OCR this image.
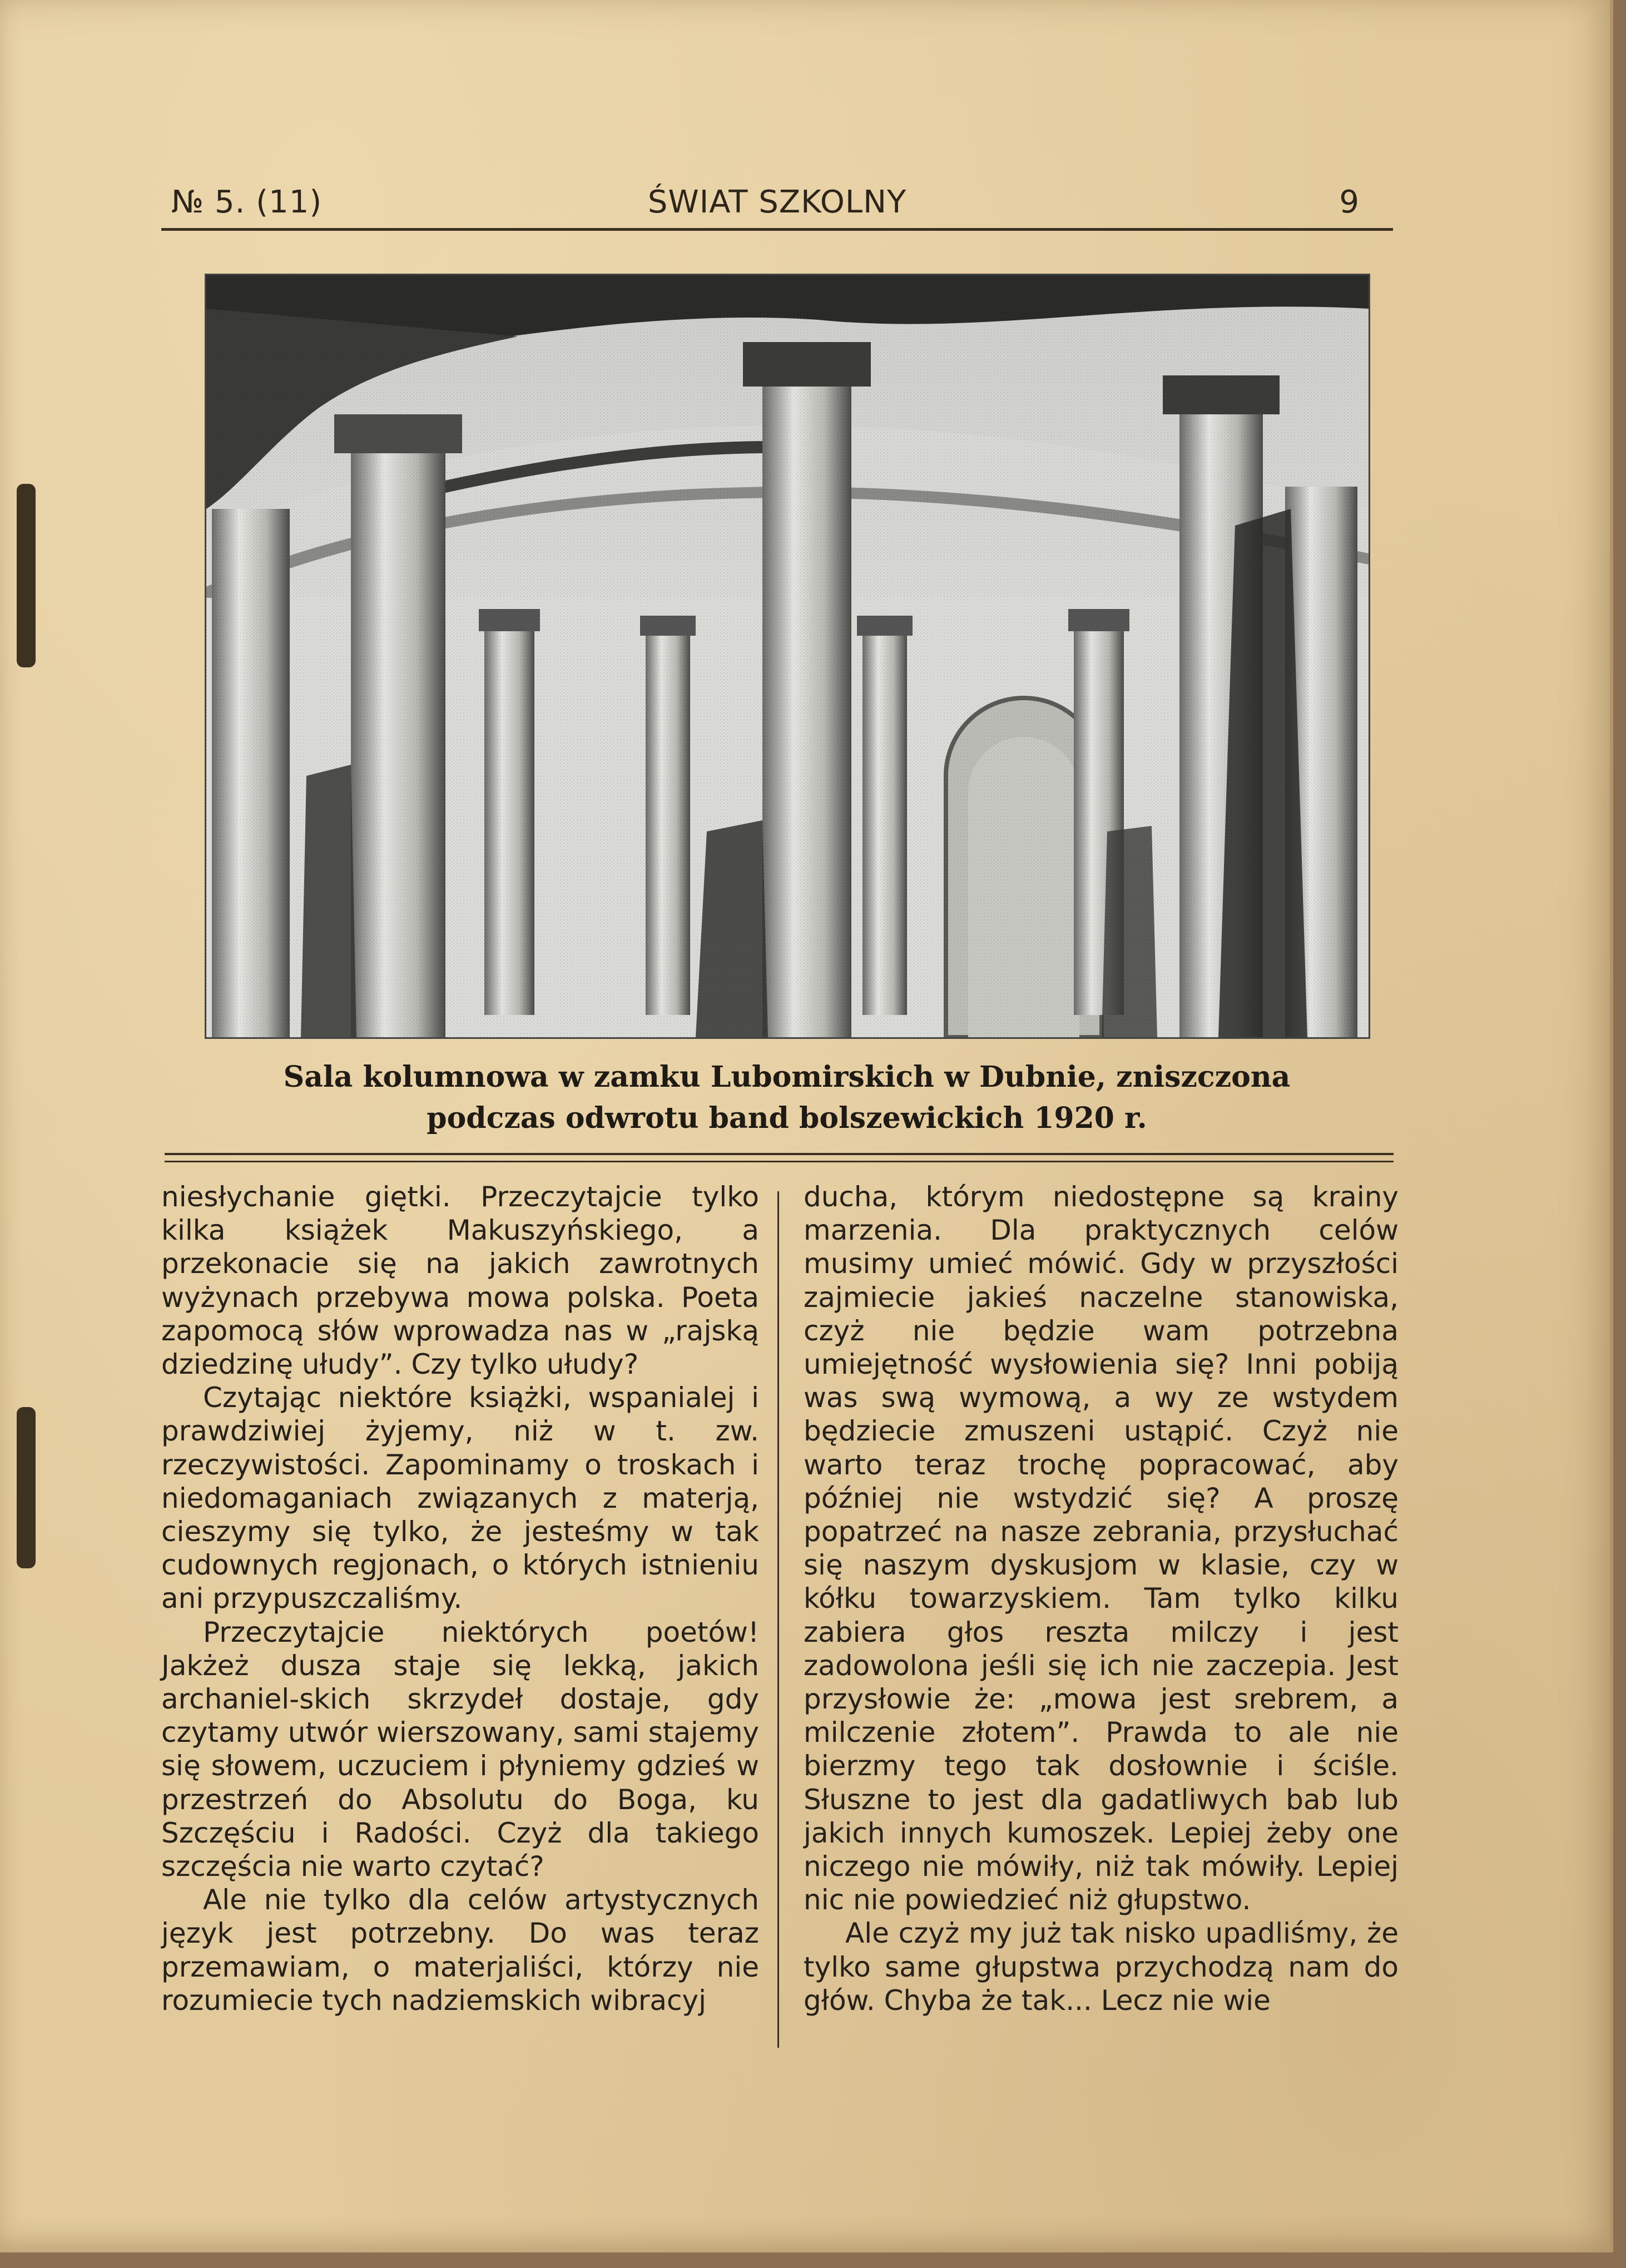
№ 5. (11)	ŚWIAT SZKOLNY	9
Sala kolumnowa w zamku Lubomirskich w Dubnie, zniszczona
podczas odwrotu band bolszewickich 1920 r.

niesłychanie giętki. Przeczytajcie tylko kilka książek Makuszyńskiego, a przekonacie się na jakich zawrotnych wyżynach przebywa mowa polska. Poeta zapomocą słów wprowadza nas w „rajską dziedzinę ułudy”. Czy tylko ułudy?

Czytając niektóre książki, wspanialej i prawdziwiej żyjemy, niż w t. zw. rzeczywistości. Zapominamy o troskach i niedomaganiach związanych z materją, cieszymy się tylko, że jesteśmy w tak cudownych regjonach, o których istnieniu ani przypuszczaliśmy.

Przeczytajcie niektórych poetów! Jakżeż dusza staje się lekką, jakich archaniel-skich skrzydeł dostaje, gdy czytamy utwór wierszowany, sami stajemy się słowem, uczuciem i płyniemy gdzieś w przestrzeń do Absolutu do Boga, ku Szczęściu i Radości. Czyż dla takiego szczęścia nie warto czytać?

Ale nie tylko dla celów artystycznych język jest potrzebny. Do was teraz przemawiam, o materjaliści, którzy nie rozumiecie tych nadziemskich wibracyj

ducha, którym niedostępne są krainy marzenia. Dla praktycznych celów musimy umieć mówić. Gdy w przyszłości zajmiecie jakieś naczelne stanowiska, czyż nie będzie wam potrzebna umiejętność wysłowienia się? Inni pobiją was swą wymową, a wy ze wstydem będziecie zmuszeni ustąpić. Czyż nie warto teraz trochę popracować, aby później nie wstydzić się? A proszę popatrzeć na nasze zebrania, przysłuchać się naszym dyskusjom w klasie, czy w kółku towarzyskiem. Tam tylko kilku zabiera głos reszta milczy i jest zadowolona jeśli się ich nie zaczepia. Jest przysłowie że: „mowa jest srebrem, a milczenie złotem”. Prawda to ale nie bierzmy tego tak dosłownie i ściśle. Słuszne to jest dla gadatliwych bab lub jakich innych kumoszek. Lepiej żeby one niczego nie mówiły, niż tak mówiły. Lepiej nic nie powiedzieć niż głupstwo.

Ale czyż my już tak nisko upadliśmy, że tylko same głupstwa przychodzą nam do głów. Chyba że tak... Lecz nie wie
